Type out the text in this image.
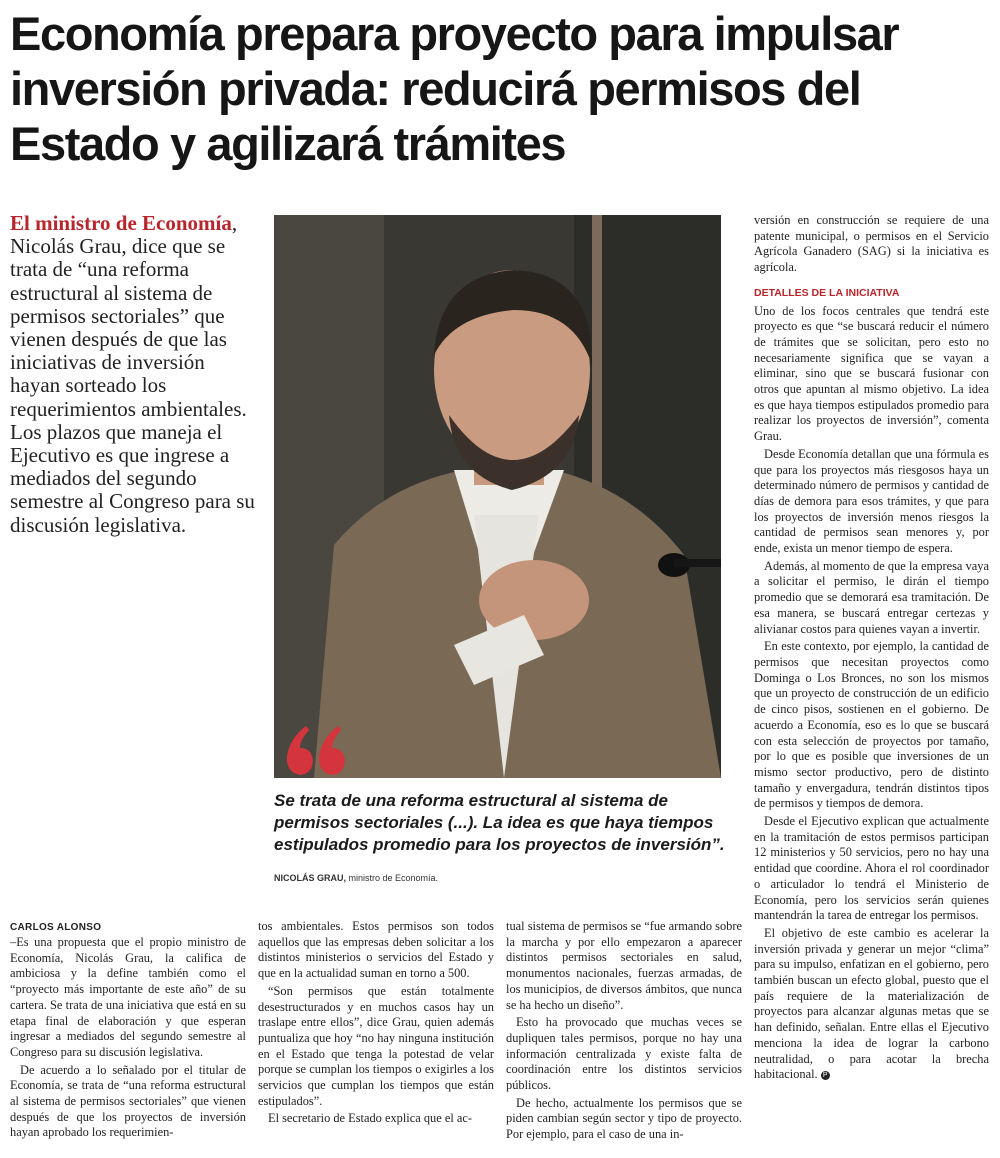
Economía prepara proyecto para impulsar inversión privada: reducirá permisos del Estado y agilizará trámites
El ministro de Economía, Nicolás Grau, dice que se trata de “una reforma estructural al sistema de permisos sectoriales” que vienen después de que las iniciativas de inversión hayan sorteado los requerimientos ambientales. Los plazos que maneja el Ejecutivo es que ingrese a mediados del segundo semestre al Congreso para su discusión legislativa.
Se trata de una reforma estructural al sistema de permisos sectoriales (...). La idea es que haya tiempos estipulados promedio para los proyectos de inversión”.
NICOLÁS GRAU, ministro de Economía.
CARLOS ALONSO

–Es una propuesta que el propio ministro de Economía, Nicolás Grau, la califica de ambiciosa y la define también como el “proyecto más importante de este año” de su cartera. Se trata de una iniciativa que está en su etapa final de elaboración y que esperan ingresar a mediados del segundo semestre al Congreso para su discusión legislativa.

De acuerdo a lo señalado por el titular de Economía, se trata de “una reforma estructural al sistema de permisos sectoriales” que vienen después de que los proyectos de inversión hayan aprobado los requerimien-

tos ambientales. Estos permisos son todos aquellos que las empresas deben solicitar a los distintos ministerios o servicios del Estado y que en la actualidad suman en torno a 500.

“Son permisos que están totalmente desestructurados y en muchos casos hay un traslape entre ellos”, dice Grau, quien además puntualiza que hoy “no hay ninguna institución en el Estado que tenga la potestad de velar porque se cumplan los tiempos o exigirles a los servicios que cumplan los tiempos que están estipulados”.

El secretario de Estado explica que el ac-

tual sistema de permisos se “fue armando sobre la marcha y por ello empezaron a aparecer distintos permisos sectoriales en salud, monumentos nacionales, fuerzas armadas, de los municipios, de diversos ámbitos, que nunca se ha hecho un diseño”.

Esto ha provocado que muchas veces se dupliquen tales permisos, porque no hay una información centralizada y existe falta de coordinación entre los distintos servicios públicos.

De hecho, actualmente los permisos que se piden cambian según sector y tipo de proyecto. Por ejemplo, para el caso de una in-

versión en construcción se requiere de una patente municipal, o permisos en el Servicio Agrícola Ganadero (SAG) si la iniciativa es agrícola.

DETALLES DE LA INICIATIVA

Uno de los focos centrales que tendrá este proyecto es que “se buscará reducir el número de trámites que se solicitan, pero esto no necesariamente significa que se vayan a eliminar, sino que se buscará fusionar con otros que apuntan al mismo objetivo. La idea es que haya tiempos estipulados promedio para realizar los proyectos de inversión”, comenta Grau.

Desde Economía detallan que una fórmula es que para los proyectos más riesgosos haya un determinado número de permisos y cantidad de días de demora para esos trámites, y que para los proyectos de inversión menos riesgos la cantidad de permisos sean menores y, por ende, exista un menor tiempo de espera.

Además, al momento de que la empresa vaya a solicitar el permiso, le dirán el tiempo promedio que se demorará esa tramitación. De esa manera, se buscará entregar certezas y alivianar costos para quienes vayan a invertir.

En este contexto, por ejemplo, la cantidad de permisos que necesitan proyectos como Dominga o Los Bronces, no son los mismos que un proyecto de construcción de un edificio de cinco pisos, sostienen en el gobierno. De acuerdo a Economía, eso es lo que se buscará con esta selección de proyectos por tamaño, por lo que es posible que inversiones de un mismo sector productivo, pero de distinto tamaño y envergadura, tendrán distintos tipos de permisos y tiempos de demora.

Desde el Ejecutivo explican que actualmente en la tramitación de estos permisos participan 12 ministerios y 50 servicios, pero no hay una entidad que coordine. Ahora el rol coordinador o articulador lo tendrá el Ministerio de Economía, pero los servicios serán quienes mantendrán la tarea de entregar los permisos.

El objetivo de este cambio es acelerar la inversión privada y generar un mejor “clima” para su impulso, enfatizan en el gobierno, pero también buscan un efecto global, puesto que el país requiere de la materialización de proyectos para alcanzar algunas metas que se han definido, señalan. Entre ellas el Ejecutivo menciona la idea de lograr la carbono neutralidad, o para acotar la brecha habitacional. P
